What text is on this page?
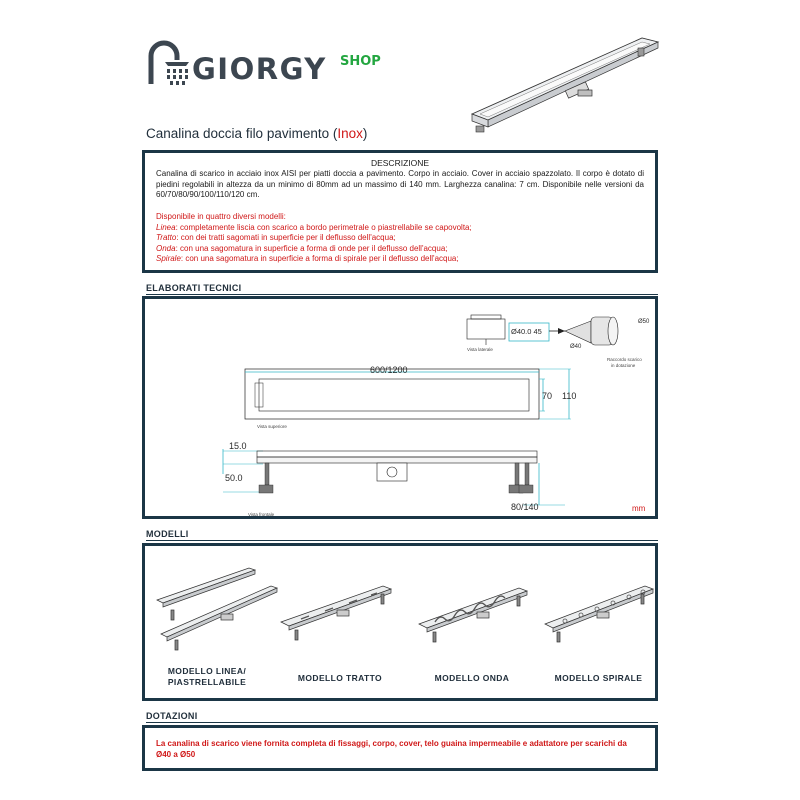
GIORGY SHOP
Canalina doccia filo pavimento (Inox)
DESCRIZIONE
Canalina di scarico in acciaio inox AISI per piatti doccia a pavimento. Corpo in acciaio. Cover in acciaio spazzolato. Il corpo è dotato di piedini regolabili in altezza da un minimo di 80mm ad un massimo di 140 mm. Larghezza canalina: 7 cm. Disponibile nelle versioni da 60/70/80/90/100/110/120 cm.
Disponibile in quattro diversi modelli:
Linea: completamente liscia con scarico a bordo perimetrale o piastrellabile se capovolta;
Tratto: con dei tratti sagomati in superficie per il deflusso dell'acqua;
Onda: con una sagomatura in superficie a forma di onde per il deflusso dell'acqua;
Spirale: con una sagomatura in superficie a forma di spirale per il deflusso dell'acqua;
ELABORATI TECNICI
600/1200
70 110
15.0
50.0
80/140	mm
Ø40.0 45
Ø50
Ø40
Vista laterale
Raccordo scarico
in dotazione
Vista superiore
Vista frontale
MODELLI
MODELLO LINEA/
PIASTRELLABILE	MODELLO TRATTO	MODELLO ONDA	MODELLO SPIRALE
DOTAZIONI
La canalina di scarico viene fornita completa di fissaggi, corpo, cover, telo guaina impermeabile e adattatore per scarichi da Ø40 a Ø50
